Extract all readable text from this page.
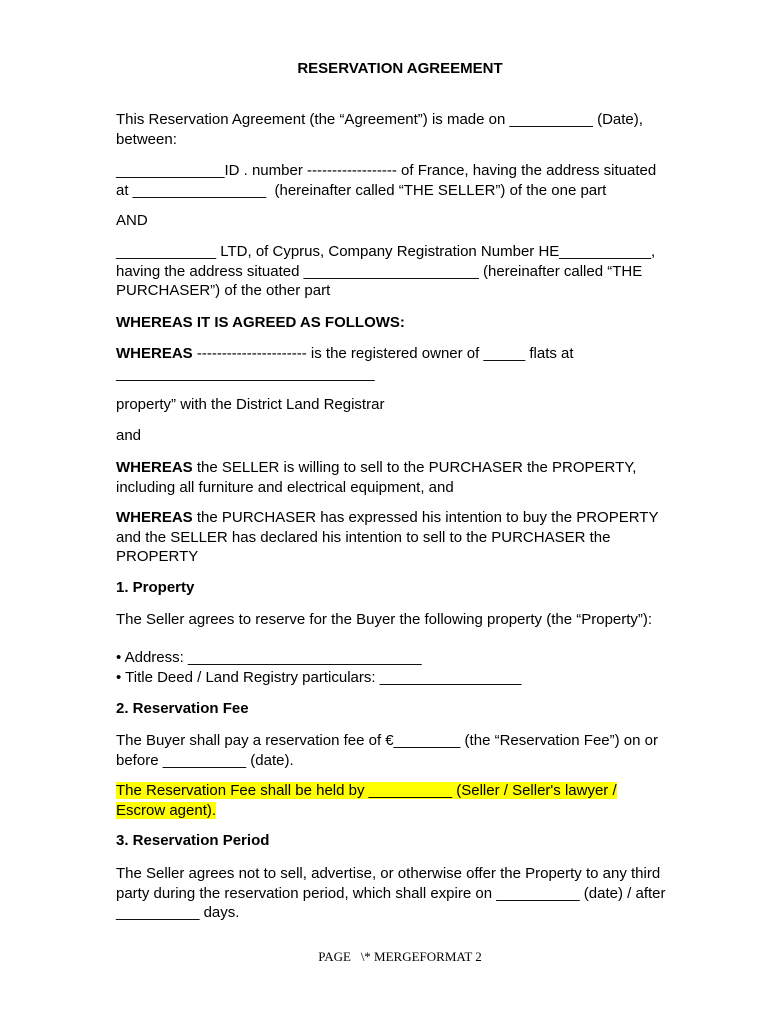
RESERVATION AGREEMENT

This Reservation Agreement (the “Agreement”) is made on __________ (Date),
between:

_____________ID . number ------------------ of France, having the address situated
at ________________  (hereinafter called “THE SELLER”) of the one part

AND

____________ LTD, of Cyprus, Company Registration Number HE___________,
having the address situated _____________________ (hereinafter called “THE
PURCHASER”) of the other part

WHEREAS IT IS AGREED AS FOLLOWS:

WHEREAS ---------------------- is the registered owner of _____ flats at
_______________________________

property” with the District Land Registrar

and

WHEREAS the SELLER is willing to sell to the PURCHASER the PROPERTY,
including all furniture and electrical equipment, and

WHEREAS the PURCHASER has expressed his intention to buy the PROPERTY
and the SELLER has declared his intention to sell to the PURCHASER the
PROPERTY

1. Property

The Seller agrees to reserve for the Buyer the following property (the “Property”):

• Address: ____________________________

• Title Deed / Land Registry particulars: _________________

2. Reservation Fee

The Buyer shall pay a reservation fee of €________ (the “Reservation Fee”) on or
before __________ (date).

The Reservation Fee shall be held by __________ (Seller / Seller's lawyer /
Escrow agent).

3. Reservation Period

The Seller agrees not to sell, advertise, or otherwise offer the Property to any third
party during the reservation period, which shall expire on __________ (date) / after
__________ days.

PAGE   \* MERGEFORMAT 2
